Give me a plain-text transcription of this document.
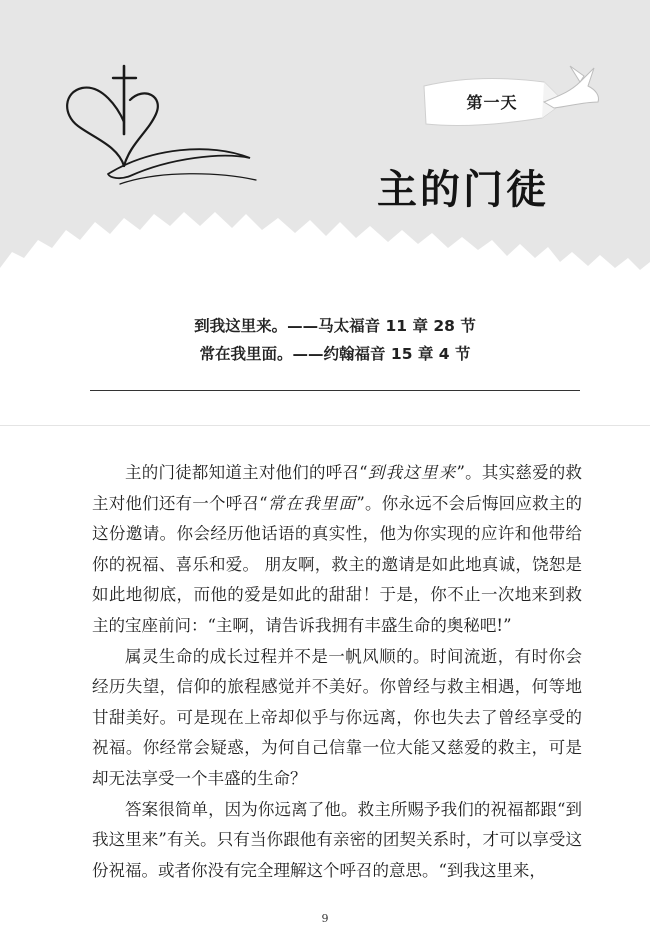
第一天
主的门徒
到我这里来。——马太福音 11 章 28 节
常在我里面。——约翰福音 15 章 4 节

主的门徒都知道主对他们的呼召“到我这里来”。其实慈爱的救主对他们还有一个呼召“常在我里面”。你永远不会后悔回应救主的这份邀请。你会经历他话语的真实性，他为你实现的应许和他带给你的祝福、喜乐和爱。 朋友啊，救主的邀请是如此地真诚，饶恕是如此地彻底，而他的爱是如此的甜甜！于是，你不止一次地来到救主的宝座前问：“主啊，请告诉我拥有丰盛生命的奥秘吧!”

属灵生命的成长过程并不是一帆风顺的。时间流逝，有时你会经历失望，信仰的旅程感觉并不美好。你曾经与救主相遇，何等地甘甜美好。可是现在上帝却似乎与你远离，你也失去了曾经享受的祝福。你经常会疑惑，为何自己信靠一位大能又慈爱的救主，可是却无法享受一个丰盛的生命？

答案很简单，因为你远离了他。救主所赐予我们的祝福都跟“到我这里来”有关。只有当你跟他有亲密的团契关系时，才可以享受这份祝福。或者你没有完全理解这个呼召的意思。“到我这里来，

9
